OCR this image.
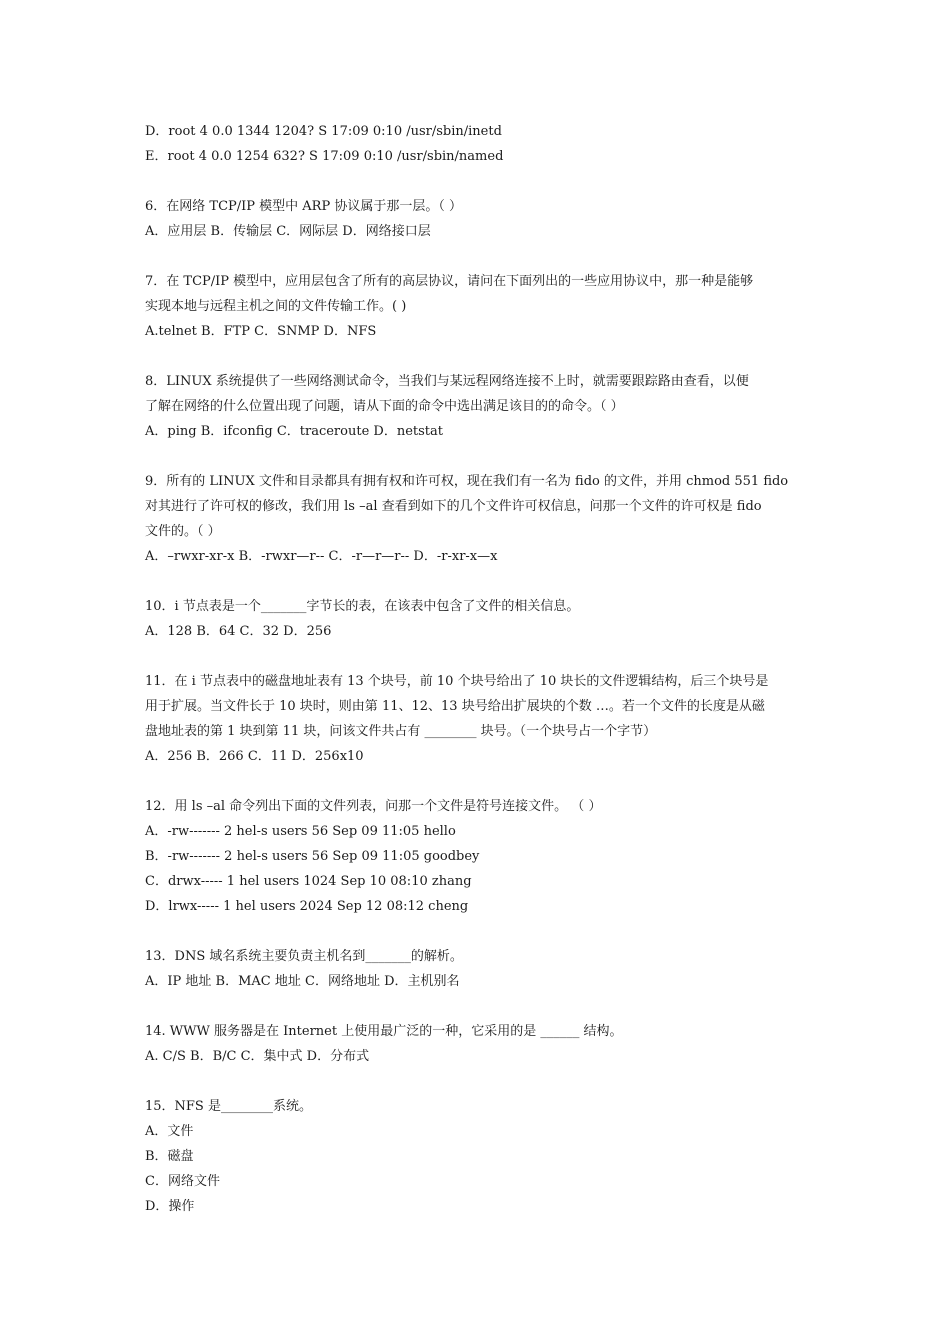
D．root 4 0.0 1344 1204? S 17:09 0:10 /usr/sbin/inetd
E．root 4 0.0 1254 632? S 17:09 0:10 /usr/sbin/named
6．在网络 TCP/IP 模型中 ARP 协议属于那一层。（ ）
A．应用层 B．传输层 C．网际层 D．网络接口层
7．在 TCP/IP 模型中，应用层包含了所有的高层协议，请问在下面列出的一些应用协议中，那一种是能够
实现本地与远程主机之间的文件传输工作。( )
A.telnet B．FTP C．SNMP D．NFS
8．LINUX 系统提供了一些网络测试命令，当我们与某远程网络连接不上时，就需要跟踪路由查看，以便
了解在网络的什么位置出现了问题，请从下面的命令中选出满足该目的的命令。（ ）
A．ping B．ifconfig C．traceroute D．netstat
9．所有的 LINUX 文件和目录都具有拥有权和许可权，现在我们有一名为 fido 的文件，并用 chmod 551 fido
对其进行了许可权的修改，我们用 ls –al 查看到如下的几个文件许可权信息，问那一个文件的许可权是 fido
文件的。（ ）
A．–rwxr-xr-x B．-rwxr—r-- C．-r—r—r-- D．-r-xr-x—x
10．i 节点表是一个_______字节长的表，在该表中包含了文件的相关信息。
A．128 B．64 C．32 D．256
11．在 i 节点表中的磁盘地址表有 13 个块号，前 10 个块号给出了 10 块长的文件逻辑结构，后三个块号是
用于扩展。当文件长于 10 块时，则由第 11、12、13 块号给出扩展块的个数 …。若一个文件的长度是从磁
盘地址表的第 1 块到第 11 块，问该文件共占有 ________ 块号。（一个块号占一个字节）
A．256 B．266 C．11 D．256x10
12．用 ls –al 命令列出下面的文件列表，问那一个文件是符号连接文件。 （ ）
A．-rw------- 2 hel-s users 56 Sep 09 11:05 hello
B．-rw------- 2 hel-s users 56 Sep 09 11:05 goodbey
C．drwx----- 1 hel users 1024 Sep 10 08:10 zhang
D．lrwx----- 1 hel users 2024 Sep 12 08:12 cheng
13．DNS 域名系统主要负责主机名到_______的解析。
A．IP 地址 B．MAC 地址 C．网络地址 D．主机别名
14. WWW 服务器是在 Internet 上使用最广泛的一种，它采用的是 ______ 结构。
A. C/S B．B/C C．集中式 D．分布式
15．NFS 是________系统。
A．文件
B．磁盘
C．网络文件
D．操作
